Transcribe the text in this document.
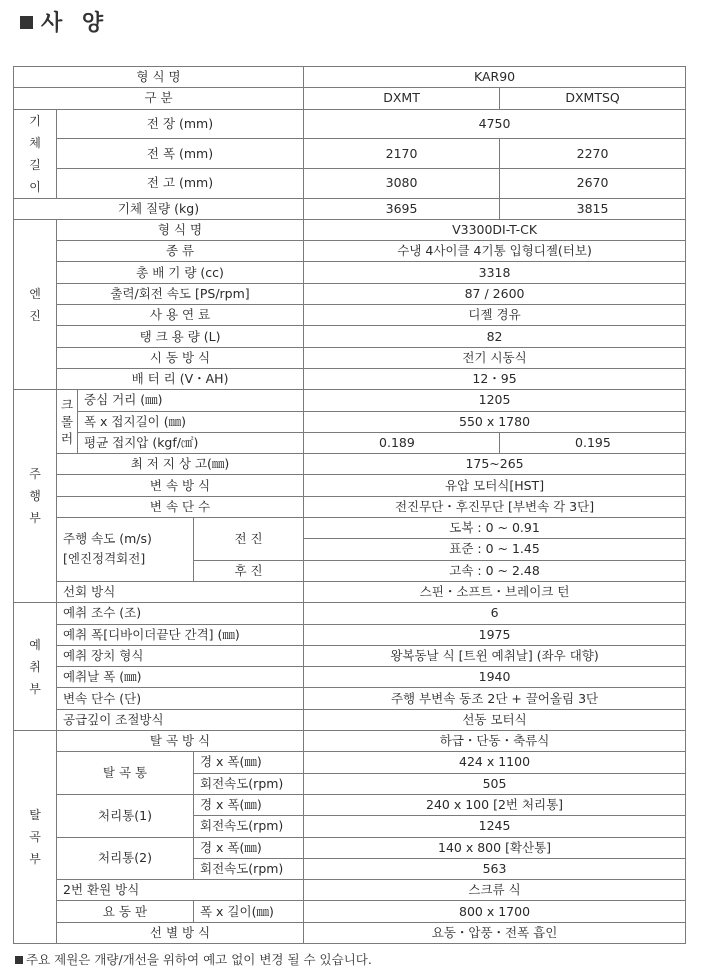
사 양
형 식 명				KAR90	
구 분				DXMT	DXMTSQ
기체길이	전 장 (mm)			4750	
	전 폭 (mm)			2170	2270
	전 고 (mm)			3080	2670
기체 질량 (kg)				3695	3815
엔진	형 식 명			V3300DI-T-CK	
	종 류			수냉 4사이클 4기통 입형디젤(터보)	
	총 배 기 량 (cc)			3318	
	출력/회전 속도 [PS/rpm]			87 / 2600	
	사 용 연 료			디젤 경유	
	탱 크 용 량 (L)			82	
	시 동 방 식			전기 시동식	
	배 터 리 (V・AH)			12・95	
주행부	크롤러	중심 거리 (㎜)		1205	
		폭 x 접지길이 (㎜)		550 x 1780	
		평균 접지압 (kgf/㎠)		0.189	0.195
	최 저 지 상 고(㎜)			175~265	
	변 속 방 식			유압 모터식[HST]	
	변 속 단 수			전진무단・후진무단 [부변속 각 3단]	
	주행 속도 (m/s)
[엔진정격회전]		전 진	도복 : 0 ~ 0.91	
				표준 : 0 ~ 1.45	
			후 진	고속 : 0 ~ 2.48	
	선회 방식			스핀・소프트・브레이크 턴	
예취부	예취 조수 (조)			6	
	예취 폭[디바이더끝단 간격] (㎜)			1975	
	예취 장치 형식			왕복동날 식 [트윈 예취날] (좌우 대향)	
	예취날 폭 (㎜)			1940	
	변속 단수 (단)			주행 부변속 동조 2단 + 끌어올림 3단	
	공급깊이 조절방식			선동 모터식	
탈곡부	탈 곡 방 식			하급・단동・축류식	
	탈 곡 통		경 x 폭(㎜)	424 x 1100	
			회전속도(rpm)	505	
	처리통(1)		경 x 폭(㎜)	240 x 100 [2번 처리통]	
			회전속도(rpm)	1245	
	처리통(2)		경 x 폭(㎜)	140 x 800 [확산통]	
			회전속도(rpm)	563	
	2번 환원 방식			스크류 식	
	요 동 판		폭 x 길이(㎜)	800 x 1700	
	선 별 방 식			요동・압풍・전폭 흡인	
주요 제원은 개량/개선을 위하여 예고 없이 변경 될 수 있습니다.
